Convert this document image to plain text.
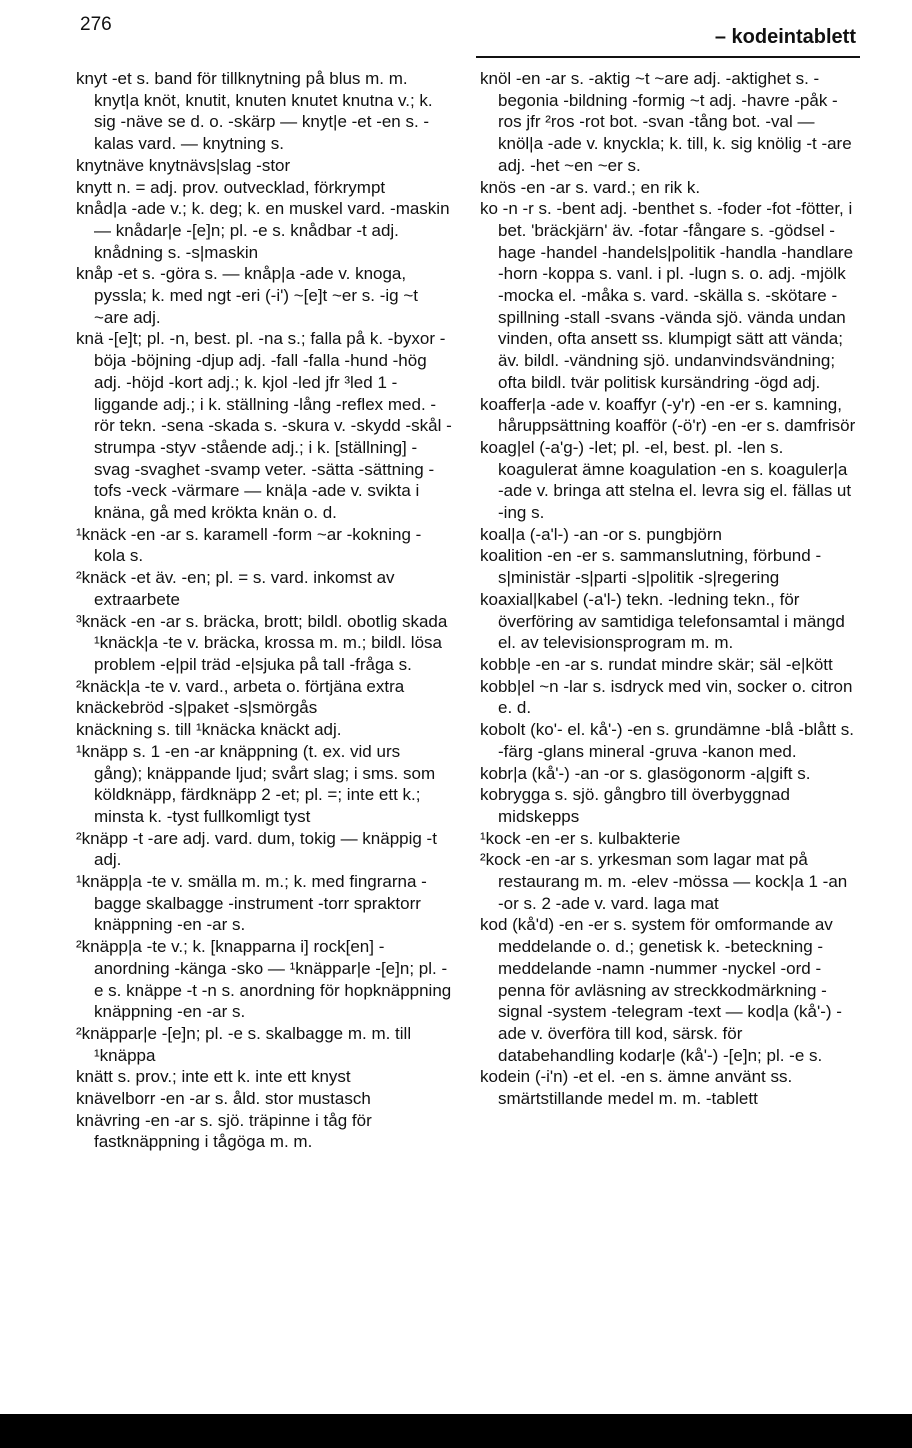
276
– kodeintablett

knyt -et s. band för tillknytning på blus m. m. knyt|a knöt, knutit, knuten knutet knutna v.; k. sig -näve se d. o. -skärp — knyt|e -et -en s. -kalas vard. — knytning s.

knytnäve knytnävs|slag -stor

knytt n. = adj. prov. outvecklad, förkrympt

knåd|a -ade v.; k. deg; k. en muskel vard. -maskin — knådar|e -[e]n; pl. -e s. knådbar -t adj. knådning s. -s|maskin

knåp -et s. -göra s. — knåp|a -ade v. knoga, pyssla; k. med ngt -eri (-i') ~[e]t ~er s. -ig ~t ~are adj.

knä -[e]t; pl. -n, best. pl. -na s.; falla på k. -byxor -böja -böjning -djup adj. -fall -falla -hund -hög adj. -höjd -kort adj.; k. kjol -led jfr ³led 1 -liggande adj.; i k. ställning -lång -reflex med. -rör tekn. -sena -skada s. -skura v. -skydd -skål -strumpa -styv -stående adj.; i k. [ställning] -svag -svaghet -svamp veter. -sätta -sättning -tofs -veck -värmare — knä|a -ade v. svikta i knäna, gå med krökta knän o. d.

¹knäck -en -ar s. karamell -form ~ar -kokning -kola s.

²knäck -et äv. -en; pl. = s. vard. inkomst av extraarbete

³knäck -en -ar s. bräcka, brott; bildl. obotlig skada ¹knäck|a -te v. bräcka, krossa m. m.; bildl. lösa problem -e|pil träd -e|sjuka på tall -fråga s.

²knäck|a -te v. vard., arbeta o. förtjäna extra

knäckebröd -s|paket -s|smörgås

knäckning s. till ¹knäcka knäckt adj.

¹knäpp s. 1 -en -ar knäppning (t. ex. vid urs gång); knäppande ljud; svårt slag; i sms. som köldknäpp, färdknäpp 2 -et; pl. =; inte ett k.; minsta k. -tyst fullkomligt tyst

²knäpp -t -are adj. vard. dum, tokig — knäppig -t adj.

¹knäpp|a -te v. smälla m. m.; k. med fingrarna -bagge skalbagge -instrument -torr spraktorr knäppning -en -ar s.

²knäpp|a -te v.; k. [knapparna i] rock[en] -anordning -känga -sko — ¹knäppar|e -[e]n; pl. -e s. knäppe -t -n s. anordning för hopknäppning knäppning -en -ar s.

²knäppar|e -[e]n; pl. -e s. skalbagge m. m. till ¹knäppa

knätt s. prov.; inte ett k. inte ett knyst

knävelborr -en -ar s. åld. stor mustasch

knävring -en -ar s. sjö. träpinne i tåg för fastknäppning i tågöga m. m.

knöl -en -ar s. -aktig ~t ~are adj. -aktighet s. -begonia -bildning -formig ~t adj. -havre -påk -ros jfr ²ros -rot bot. -svan -tång bot. -val — knöl|a -ade v. knyckla; k. till, k. sig knölig -t -are adj. -het ~en ~er s.

knös -en -ar s. vard.; en rik k.

ko -n -r s. -bent adj. -benthet s. -foder -fot -fötter, i bet. 'bräckjärn' äv. -fotar -fångare s. -gödsel -hage -handel -handels|politik -handla -handlare -horn -koppa s. vanl. i pl. -lugn s. o. adj. -mjölk -mocka el. -måka s. vard. -skälla s. -skötare -spillning -stall -svans -vända sjö. vända undan vinden, ofta ansett ss. klumpigt sätt att vända; äv. bildl. -vändning sjö. undanvindsvändning; ofta bildl. tvär politisk kursändring -ögd adj.

koaffer|a -ade v. koaffyr (-y'r) -en -er s. kamning, håruppsättning koafför (-ö'r) -en -er s. damfrisör

koag|el (-a'g-) -let; pl. -el, best. pl. -len s. koagulerat ämne koagulation -en s. koaguler|a -ade v. bringa att stelna el. levra sig el. fällas ut -ing s.

koal|a (-a'l-) -an -or s. pungbjörn

koalition -en -er s. sammanslutning, förbund -s|ministär -s|parti -s|politik -s|regering

koaxial|kabel (-a'l-) tekn. -ledning tekn., för överföring av samtidiga telefonsamtal i mängd el. av televisionsprogram m. m.

kobb|e -en -ar s. rundat mindre skär; säl -e|kött

kobb|el ~n -lar s. isdryck med vin, socker o. citron e. d.

kobolt (ko'- el. kå'-) -en s. grundämne -blå -blått s. -färg -glans mineral -gruva -kanon med.

kobr|a (kå'-) -an -or s. glasögonorm -a|gift s.

kobrygga s. sjö. gångbro till överbyggnad midskepps

¹kock -en -er s. kulbakterie

²kock -en -ar s. yrkesman som lagar mat på restaurang m. m. -elev -mössa — kock|a 1 -an -or s. 2 -ade v. vard. laga mat

kod (kå'd) -en -er s. system för omformande av meddelande o. d.; genetisk k. -beteckning -meddelande -namn -nummer -nyckel -ord -penna för avläsning av streckkodmärkning -signal -system -telegram -text — kod|a (kå'-) -ade v. överföra till kod, särsk. för databehandling kodar|e (kå'-) -[e]n; pl. -e s.

kodein (-i'n) -et el. -en s. ämne använt ss. smärtstillande medel m. m. -tablett
